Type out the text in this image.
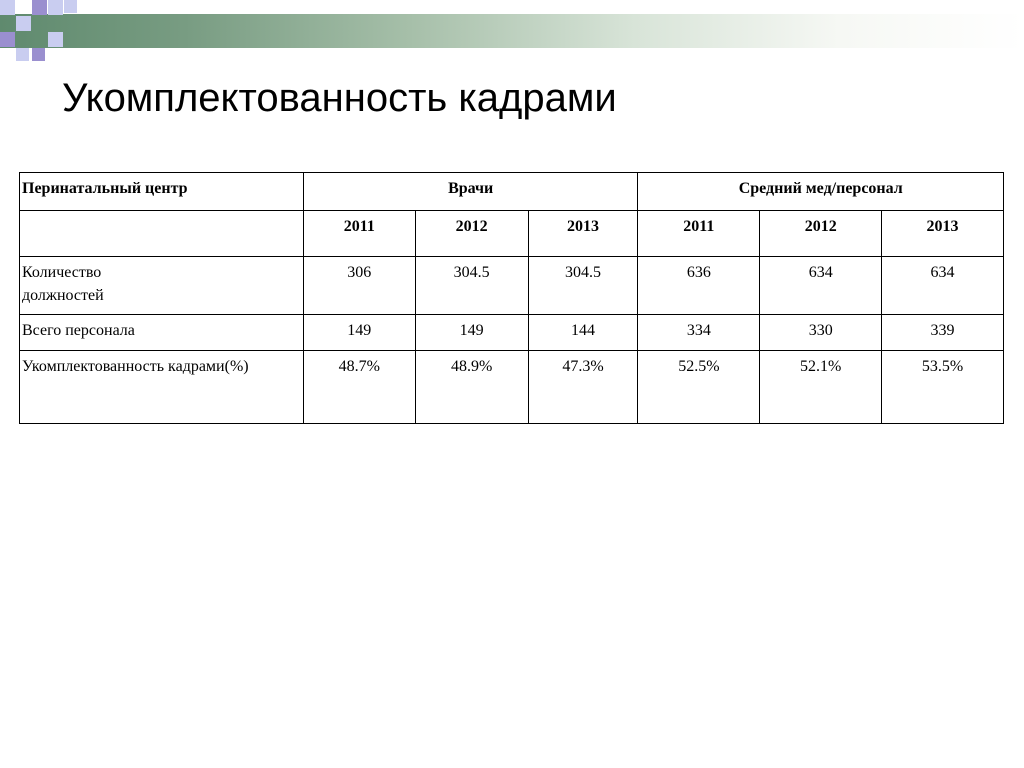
Укомплектованность кадрами
Перинатальный центр	Врачи			Средний мед/персонал		
	2011	2012	2013	2011	2012	2013
Количество
должностей	306	304.5	304.5	636	634	634
Всего персонала	149	149	144	334	330	339
Укомплектованность кадрами(%)	48.7%	48.9%	47.3%	52.5%	52.1%	53.5%
